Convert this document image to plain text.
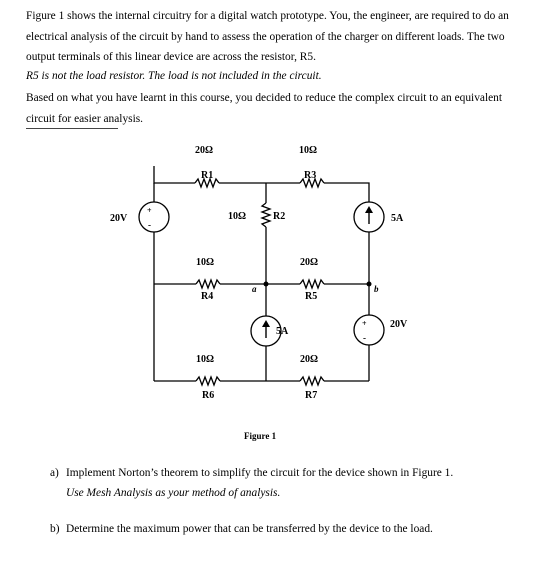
Figure 1 shows the internal circuitry for a digital watch prototype. You, the engineer, are required to do an electrical analysis of the circuit by hand to assess the operation of the charger on different loads. The two output terminals of this linear device are across the resistor, R5.
R5 is not the load resistor. The load is not included in the circuit.
Based on what you have learnt in this course, you decided to reduce the complex circuit to an equivalent circuit for easier analysis.
+
-
+
-
20Ω
R1
10Ω
R3
10Ω	R2
10Ω
R4
20Ω
R5
10Ω
R6
20Ω
R7
20V	5A
5A
20V
a	b
Figure 1
a) Implement Norton’s theorem to simplify the circuit for the device shown in Figure 1.
Use Mesh Analysis as your method of analysis.
b) Determine the maximum power that can be transferred by the device to the load.
